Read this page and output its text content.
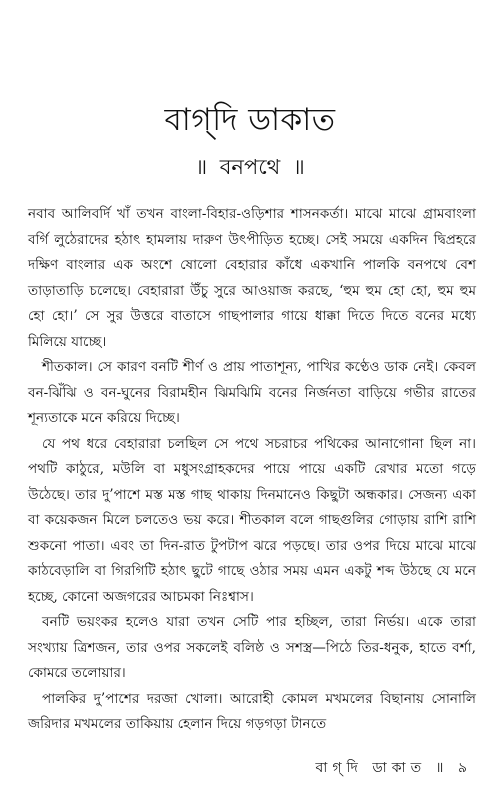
বাগ্‌দি ডাকাত
॥ বনপথে ॥

নবাব আলিবর্দি খাঁ তখন বাংলা-বিহার-ওড়িশার শাসনকর্তা। মাঝে মাঝে গ্রামবাংলা বর্গি লুঠেরাদের হঠাৎ হামলায় দারুণ উৎপীড়িত হচ্ছে। সেই সময়ে একদিন দ্বিপ্রহরে দক্ষিণ বাংলার এক অংশে ষোলো বেহারার কাঁধে একখানি পালকি বনপথে বেশ তাড়াতাড়ি চলেছে। বেহারারা উঁচু সুরে আওয়াজ করছে, ‘হুম হুম হো হো, হুম হুম হো হো।’ সে সুর উত্তরে বাতাসে গাছপালার গায়ে ধাক্কা দিতে দিতে বনের মধ্যে মিলিয়ে যাচ্ছে।

শীতকাল। সে কারণ বনটি শীর্ণ ও প্রায় পাতাশূন্য, পাখির কণ্ঠেও ডাক নেই। কেবল বন-ঝিঁঝি ও বন-ঘুনের বিরামহীন ঝিমঝিমি বনের নির্জনতা বাড়িয়ে গভীর রাতের শূন্যতাকে মনে করিয়ে দিচ্ছে।

যে পথ ধরে বেহারারা চলছিল সে পথে সচরাচর পথিকের আনাগোনা ছিল না। পথটি কাঠুরে, মউলি বা মধুসংগ্রাহকদের পায়ে পায়ে একটি রেখার মতো গড়ে উঠেছে। তার দু’পাশে মস্ত মস্ত গাছ থাকায় দিনমানেও কিছুটা অন্ধকার। সেজন্য একা বা কয়েকজন মিলে চলতেও ভয় করে। শীতকাল বলে গাছগুলির গোড়ায় রাশি রাশি শুকনো পাতা। এবং তা দিন-রাত টুপটাপ ঝরে পড়ছে। তার ওপর দিয়ে মাঝে মাঝে কাঠবেড়ালি বা গিরগিটি হঠাৎ ছুটে গাছে ওঠার সময় এমন একটু শব্দ উঠছে যে মনে হচ্ছে, কোনো অজগরের আচমকা নিঃশ্বাস।

বনটি ভয়ংকর হলেও যারা তখন সেটি পার হচ্ছিল, তারা নির্ভয়। একে তারা সংখ্যায় ত্রিশজন, তার ওপর সকলেই বলিষ্ঠ ও সশস্ত্র—পিঠে তির-ধনুক, হাতে বর্শা, কোমরে তলোয়ার।

পালকির দু’পাশের দরজা খোলা। আরোহী কোমল মখমলের বিছানায় সোনালি জরিদার মখমলের তাকিয়ায় হেলান দিয়ে গড়গড়া টানতে

বাগ্‌দি ডাকাত ॥ ৯
